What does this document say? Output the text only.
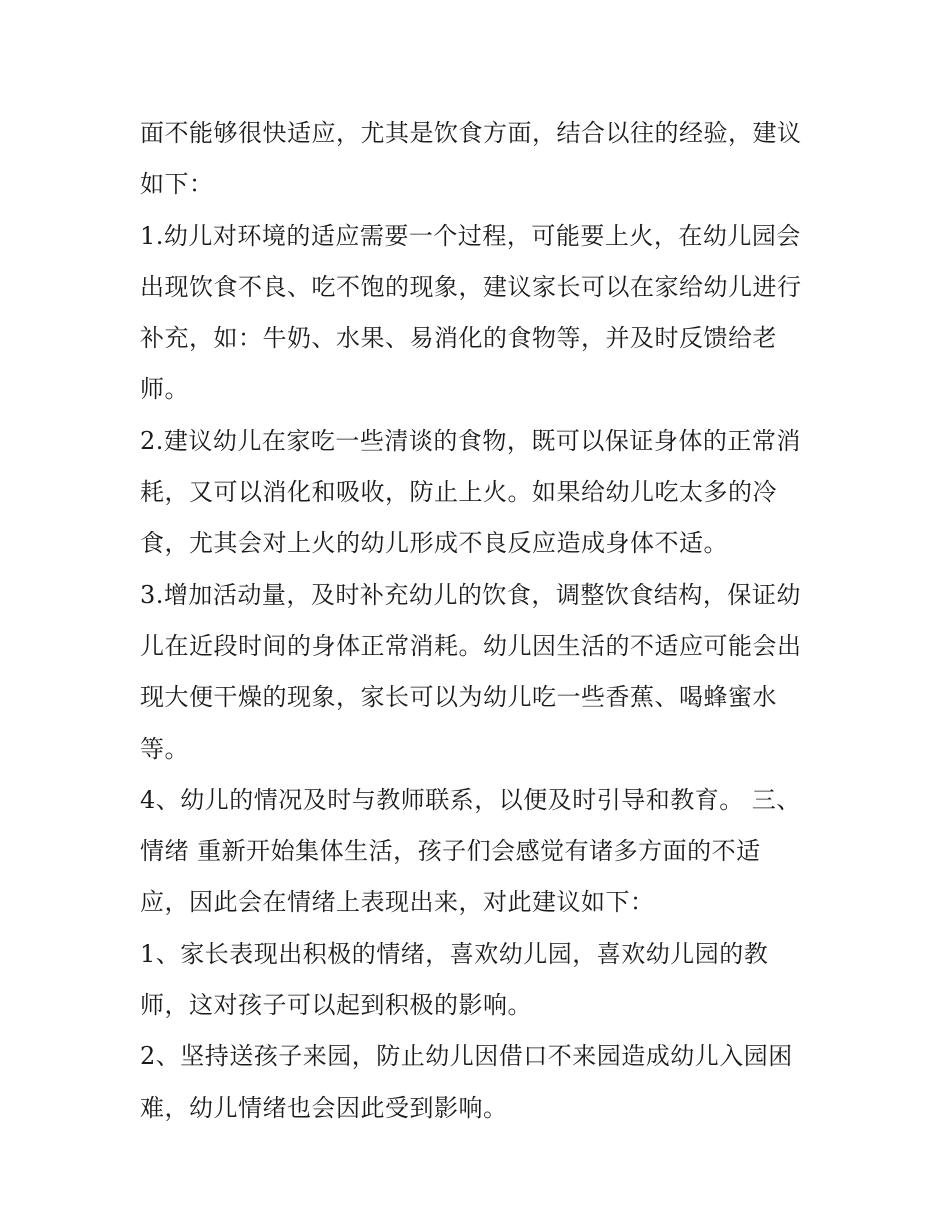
面不能够很快适应，尤其是饮食方面，结合以往的经验，建议
如下：
1.幼儿对环境的适应需要一个过程，可能要上火，在幼儿园会
出现饮食不良、吃不饱的现象，建议家长可以在家给幼儿进行
补充，如：牛奶、水果、易消化的食物等，并及时反馈给老
师。
2.建议幼儿在家吃一些清谈的食物，既可以保证身体的正常消
耗，又可以消化和吸收，防止上火。如果给幼儿吃太多的冷
食，尤其会对上火的幼儿形成不良反应造成身体不适。
3.增加活动量，及时补充幼儿的饮食，调整饮食结构，保证幼
儿在近段时间的身体正常消耗。幼儿因生活的不适应可能会出
现大便干燥的现象，家长可以为幼儿吃一些香蕉、喝蜂蜜水
等。
4、幼儿的情况及时与教师联系，以便及时引导和教育。 三、
情绪 重新开始集体生活，孩子们会感觉有诸多方面的不适
应，因此会在情绪上表现出来，对此建议如下：
1、家长表现出积极的情绪，喜欢幼儿园，喜欢幼儿园的教
师，这对孩子可以起到积极的影响。
2、坚持送孩子来园，防止幼儿因借口不来园造成幼儿入园困
难，幼儿情绪也会因此受到影响。
